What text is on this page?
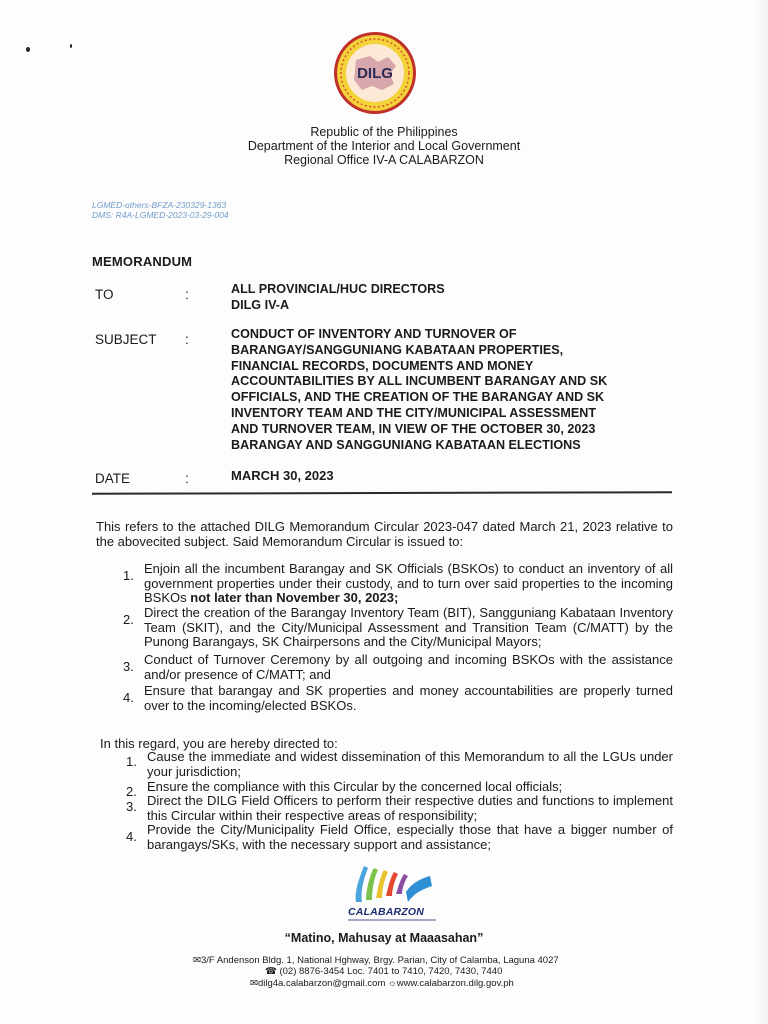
DILG
Republic of the Philippines
Department of the Interior and Local Government
Regional Office IV-A CALABARZON
LGMED-others-BFZA-230329-1363
DMS: R4A-LGMED-2023-03-29-004
MEMORANDUM
TO	:	ALL PROVINCIAL/HUC DIRECTORS
DILG IV-A
SUBJECT :	CONDUCT OF INVENTORY AND TURNOVER OF
BARANGAY/SANGGUNIANG KABATAAN PROPERTIES,
FINANCIAL RECORDS, DOCUMENTS AND MONEY
ACCOUNTABILITIES BY ALL INCUMBENT BARANGAY AND SK
OFFICIALS, AND THE CREATION OF THE BARANGAY AND SK
INVENTORY TEAM AND THE CITY/MUNICIPAL ASSESSMENT
AND TURNOVER TEAM, IN VIEW OF THE OCTOBER 30, 2023
BARANGAY AND SANGGUNIANG KABATAAN ELECTIONS
DATE	:	MARCH 30, 2023
This refers to the attached DILG Memorandum Circular 2023-047 dated March 21, 2023 relative to the abovecited subject. Said Memorandum Circular is issued to:
1. Enjoin all the incumbent Barangay and SK Officials (BSKOs) to conduct an inventory of all government properties under their custody, and to turn over said properties to the incoming BSKOs not later than November 30, 2023;
2. Direct the creation of the Barangay Inventory Team (BIT), Sangguniang Kabataan Inventory Team (SKIT), and the City/Municipal Assessment and Transition Team (C/MATT) by the Punong Barangays, SK Chairpersons and the City/Municipal Mayors;
3. Conduct of Turnover Ceremony by all outgoing and incoming BSKOs with the assistance and/or presence of C/MATT; and
4. Ensure that barangay and SK properties and money accountabilities are properly turned over to the incoming/elected BSKOs.
In this regard, you are hereby directed to:
1. Cause the immediate and widest dissemination of this Memorandum to all the LGUs under your jurisdiction;
2. Ensure the compliance with this Circular by the concerned local officials;
3. Direct the DILG Field Officers to perform their respective duties and functions to implement this Circular within their respective areas of responsibility;
4. Provide the City/Municipality Field Office, especially those that have a bigger number of barangays/SKs, with the necessary support and assistance;
CALABARZON
“Matino, Mahusay at Maaasahan”
✉3/F Andenson Bldg. 1, National Hghway, Brgy. Parian, City of Calamba, Laguna 4027
☎ (02) 8876-3454 Loc. 7401 to 7410, 7420, 7430, 7440
✉dilg4a.calabarzon@gmail.com ☼www.calabarzon.dilg.gov.ph
